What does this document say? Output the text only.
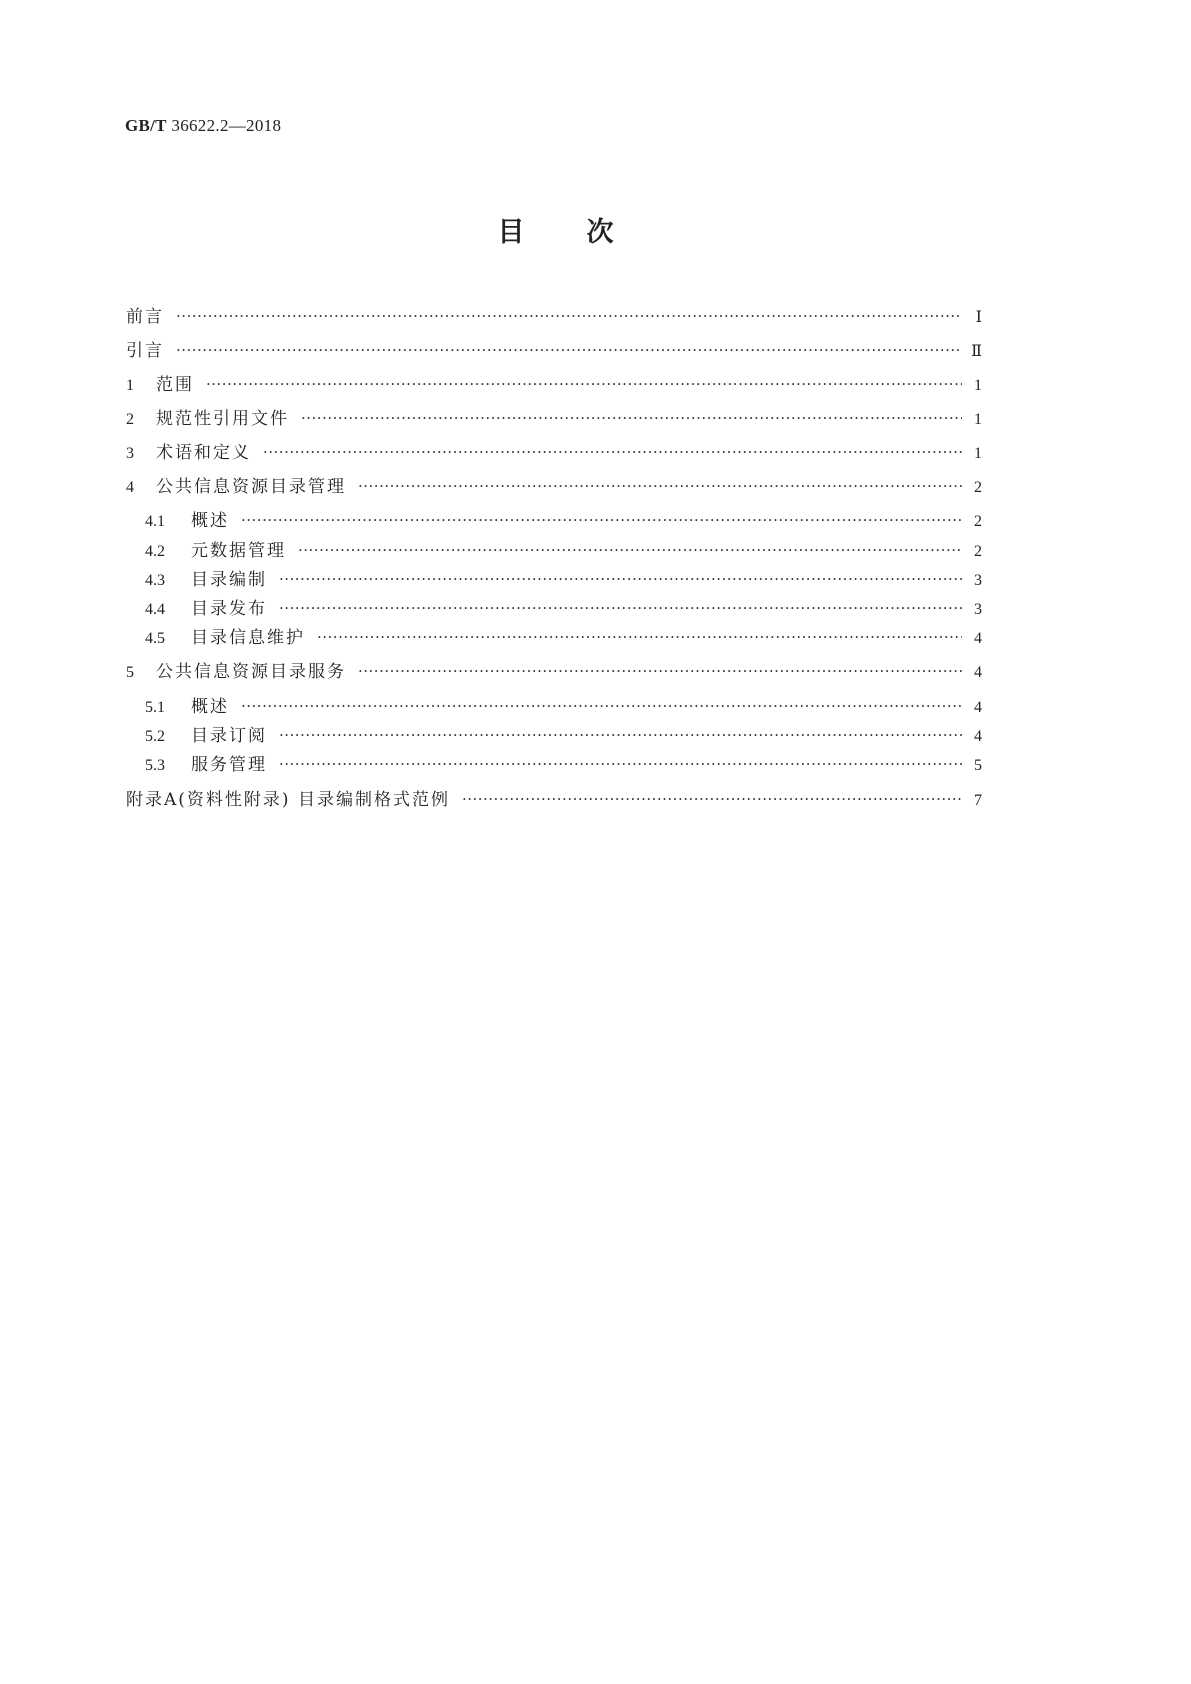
GB/T 36622.2—2018
目次
前言 ·····	Ⅰ
引言 ·····	Ⅱ
1	范围 ·····	1
2	规范性引用文件 ·····	1
3	术语和定义 ·····	1
4	公共信息资源目录管理 ·····	2
4.1	概述 ·····	2
4.2	元数据管理 ·····	2
4.3	目录编制 ·····	3
4.4	目录发布 ·····	3
4.5	目录信息维护 ·····	4
5	公共信息资源目录服务 ·····	4
5.1	概述 ·····	4
5.2	目录订阅 ·····	4
5.3	服务管理 ·····	5
附录A(资料性附录) 目录编制格式范例 ·····	7
